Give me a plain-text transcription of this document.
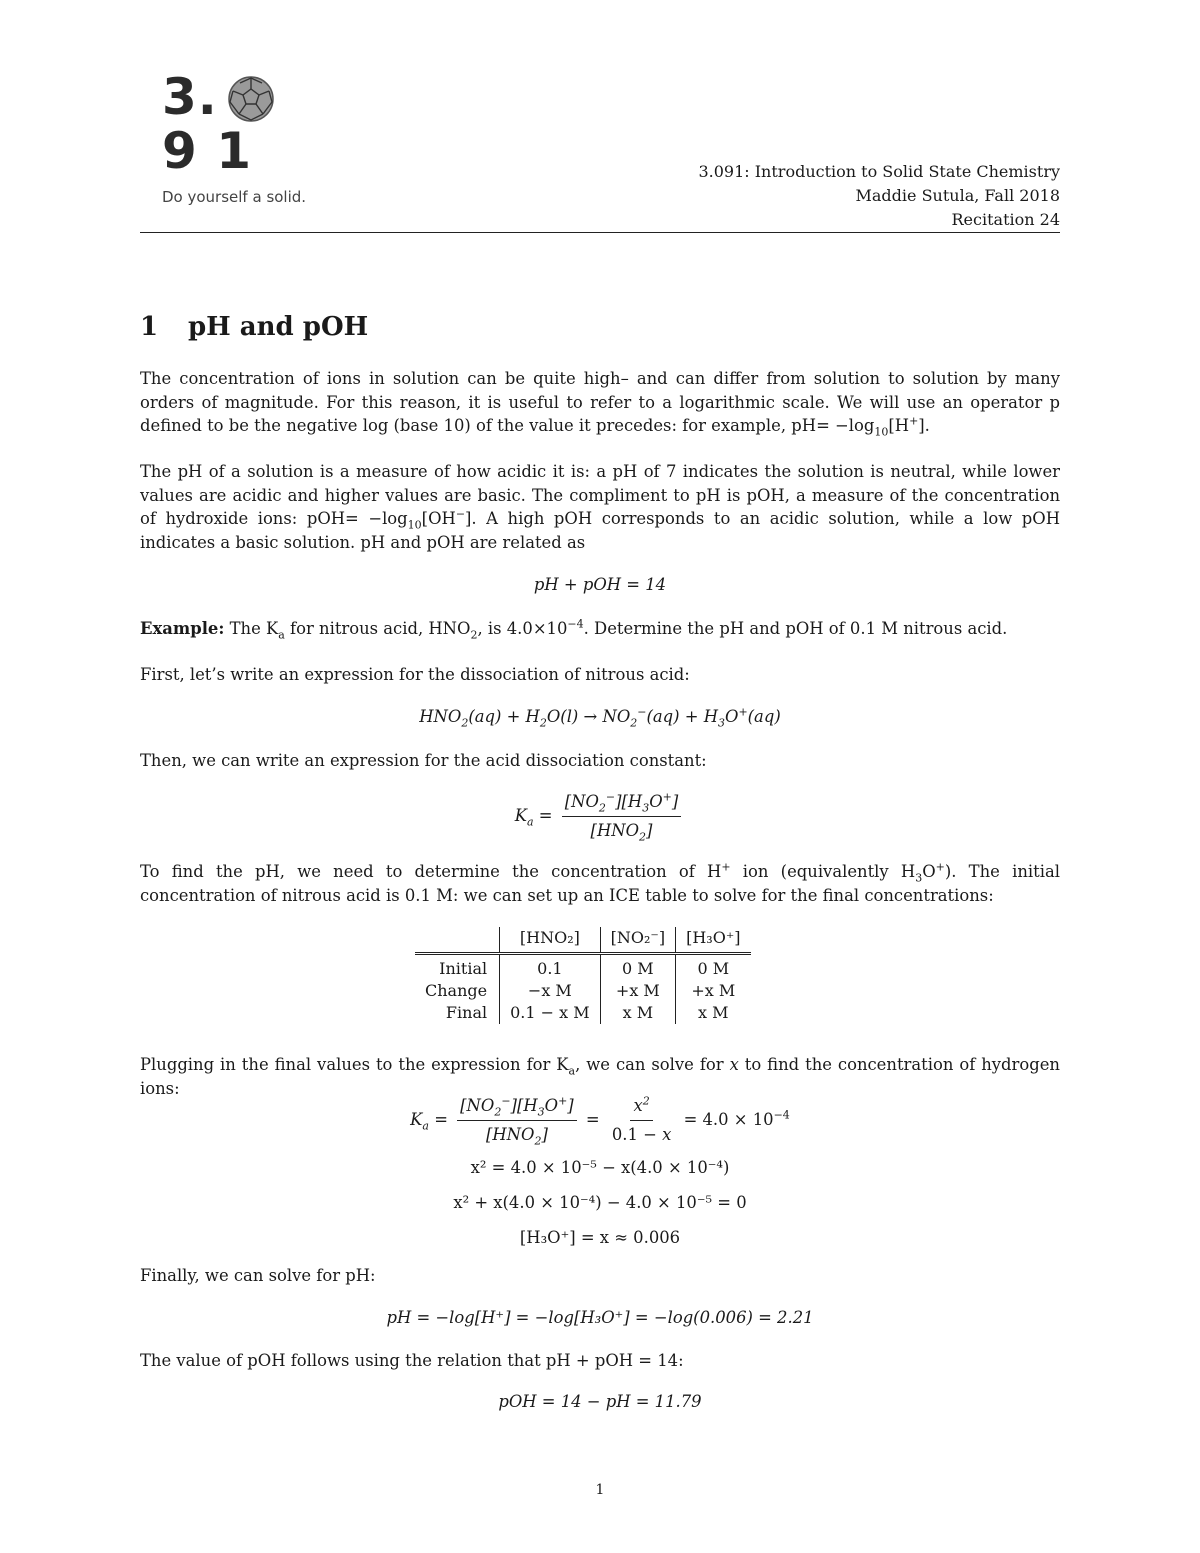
3.
9 1
Do yourself a solid.
3.091: Introduction to Solid State Chemistry
Maddie Sutula, Fall 2018
Recitation 24
1 pH and pOH

The concentration of ions in solution can be quite high– and can differ from solution to solution by many orders of magnitude. For this reason, it is useful to refer to a logarithmic scale. We will use an operator p defined to be the negative log (base 10) of the value it precedes: for example, $pH= -\log_{10}[H^+]$.

The pH of a solution is a measure of how acidic it is: a pH of 7 indicates the solution is neutral, while lower values are acidic and higher values are basic. The compliment to pH is pOH, a measure of the concentration of hydroxide ions: $pOH= -\log_{10}[OH^-]$. A high pOH corresponds to an acidic solution, while a low pOH indicates a basic solution. pH and pOH are related as

pH + pOH = 14

Example: The $K_a$ for nitrous acid, $HNO_2$, is $4.0\times 10^{-4}$. Determine the pH and pOH of 0.1 M nitrous acid.

First, let’s write an expression for the dissociation of nitrous acid:
$HNO_2(aq) + H_2O(l) \to NO_2^-(aq) + H_3O^+(aq)$
Then, we can write an expression for the acid dissociation constant:
$K_a = \frac{[NO_2^-][H_3O^+]}{[HNO_2]}$

To find the pH, we need to determine the concentration of H+ ion (equivalently $H_3O^+$). The initial concentration of nitrous acid is 0.1 M: we can set up an ICE table to solve for the final concentrations:

	[HNO₂]	[NO₂⁻]	[H₃O⁺]
Initial	0.1	0 M	0 M
Change	−x M	+x M	+x M
Final	0.1 − x M	x M	x M

Plugging in the final values to the expression for $K_a$, we can solve for x to find the concentration of hydrogen ions:

$K_a = \frac{[NO_2^-][H_3O^+]}{[HNO_2]} = \frac{x^2}{0.1 - x} = 4.0 \times 10^{-4}$
x² = 4.0 × 10⁻⁵ − x(4.0 × 10⁻⁴)
x² + x(4.0 × 10⁻⁴) − 4.0 × 10⁻⁵ = 0
[H₃O⁺] = x ≈ 0.006
Finally, we can solve for pH:
pH = −log[H⁺] = −log[H₃O⁺] = −log(0.006) = 2.21
The value of pOH follows using the relation that pH + pOH = 14:
pOH = 14 − pH = 11.79
1
